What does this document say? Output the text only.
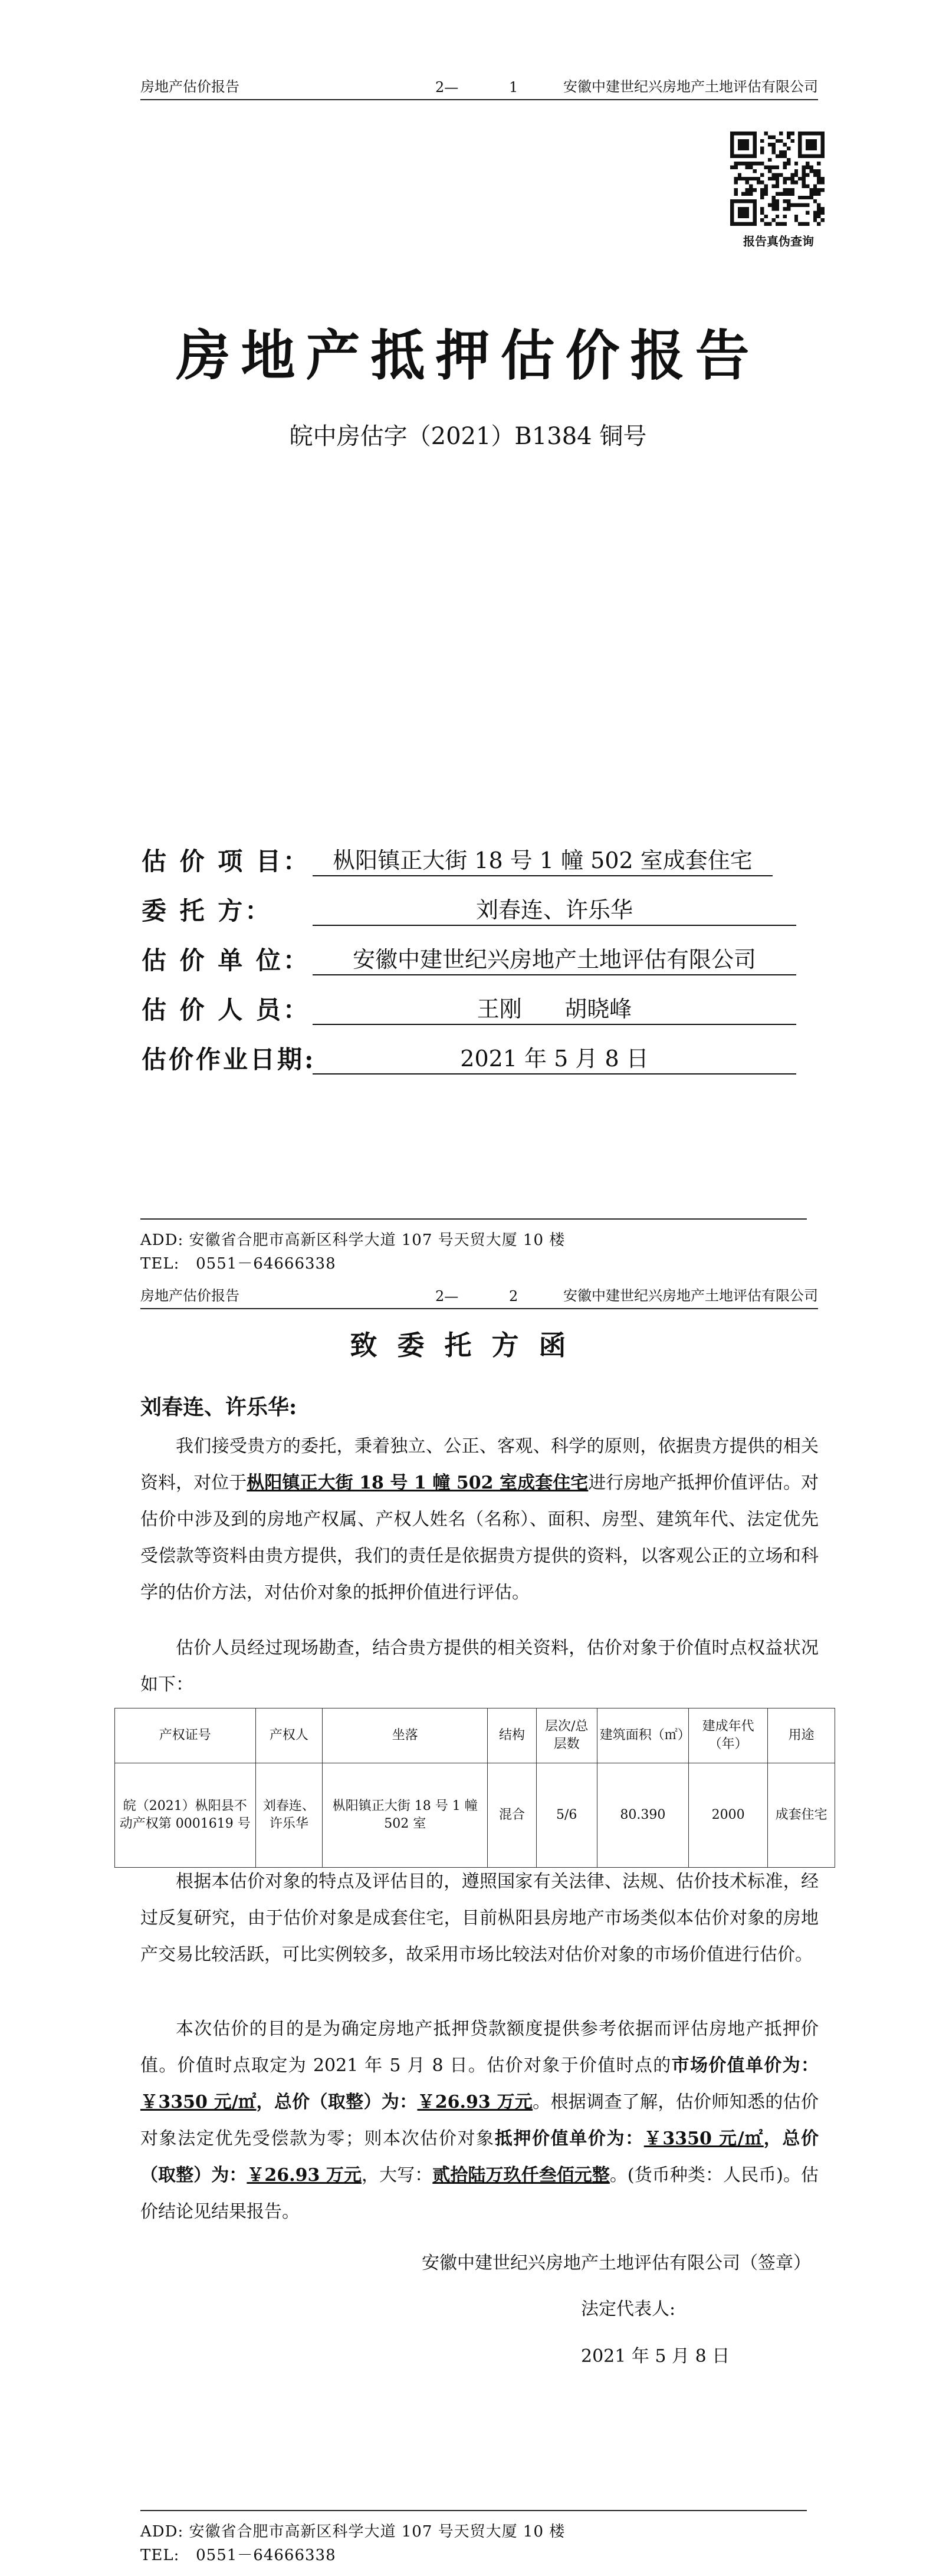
房地产估价报告	2—	1	安徽中建世纪兴房地产土地评估有限公司
报告真伪查询
房地产抵押估价报告
皖中房估字（2021）B1384 铜号
估 价 项 目：	枞阳镇正大街 18 号 1 幢 502 室成套住宅
委 托 方：	刘春连、许乐华
估 价 单 位：	安徽中建世纪兴房地产土地评估有限公司
估 价 人 员：	王刚      胡晓峰
估价作业日期:	2021 年 5 月 8 日
ADD: 安徽省合肥市高新区科学大道 107 号天贸大厦 10 楼
TEL:   0551－64666338
房地产估价报告	2—	2	安徽中建世纪兴房地产土地评估有限公司
致委托方函
刘春连、许乐华:
我们接受贵方的委托，秉着独立、公正、客观、科学的原则，依据贵方提供的相关资料，对位于枞阳镇正大街 18 号 1 幢 502 室成套住宅进行房地产抵押价值评估。对估价中涉及到的房地产权属、产权人姓名（名称）、面积、房型、建筑年代、法定优先受偿款等资料由贵方提供，我们的责任是依据贵方提供的资料，以客观公正的立场和科学的估价方法，对估价对象的抵押价值进行评估。
估价人员经过现场勘查，结合贵方提供的相关资料，估价对象于价值时点权益状况如下：
产权证号	产权人	坐落	结构	层次/总层数	建筑面积（㎡）	建成年代（年）	用途
皖（2021）枞阳县不动产权第 0001619 号	刘春连、许乐华	枞阳镇正大街 18 号 1 幢 502 室	混合	5/6	80.390	2000	成套住宅
根据本估价对象的特点及评估目的，遵照国家有关法律、法规、估价技术标准，经过反复研究，由于估价对象是成套住宅，目前枞阳县房地产市场类似本估价对象的房地产交易比较活跃，可比实例较多，故采用市场比较法对估价对象的市场价值进行估价。
本次估价的目的是为确定房地产抵押贷款额度提供参考依据而评估房地产抵押价值。价值时点取定为 2021 年 5 月 8 日。估价对象于价值时点的市场价值单价为：￥3350 元/㎡，总价（取整）为：￥26.93 万元。根据调查了解，估价师知悉的估价对象法定优先受偿款为零；则本次估价对象抵押价值单价为：￥3350 元/㎡，总价（取整）为：￥26.93 万元，大写：贰拾陆万玖仟叁佰元整。(货币种类：人民币)。估价结论见结果报告。
安徽中建世纪兴房地产土地评估有限公司（签章）
法定代表人:
2021 年 5 月 8 日
ADD: 安徽省合肥市高新区科学大道 107 号天贸大厦 10 楼
TEL:   0551－64666338
